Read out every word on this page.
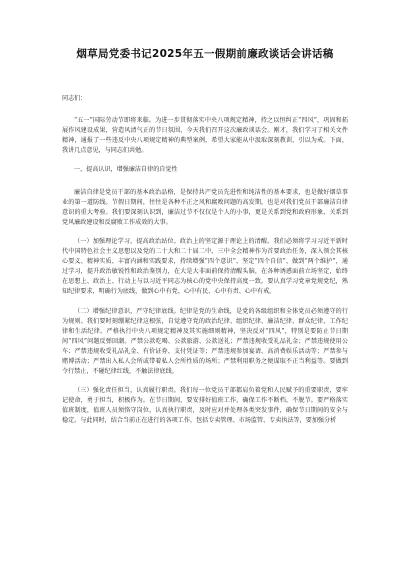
烟草局党委书记2025年五一假期前廉政谈话会讲话稿

同志们：

“五一”国际劳动节即将来临。为进一步贯彻落实中央八项规定精神，持之以恒纠正“四风”，巩固和拓展作风建设成果，营造风清气正的节日氛围，今天我们召开这次廉政谈话会。刚才，我们学习了相关文件精神，通报了一些违反中央八项规定精神的典型案例，希望大家能从中汲取深刻教训，引以为戒。下面，我讲几点意见，与同志们共勉。

一、提高认识，增强廉洁自律的自觉性

廉洁自律是党员干部的基本政治品格，是保持共产党员先进性和纯洁性的基本要求，也是做好烟草事业的第一道防线。节假日期间，往往是各种不正之风和腐败问题的高发期，也是对我们党员干部廉洁自律意识的重大考验。我们要深刻认识到，廉洁过节不仅仅是个人的小事，更是关系到党和政府形象、关系到党风廉政建设和反腐败工作成效的大事。

（一）加强理论学习，提高政治站位。政治上的坚定源于理论上的清醒。我们必须将学习习近平新时代中国特色社会主义思想以及党的二十大和二十届二中、三中全会精神作为首要政治任务，深入领会其核心要义、精神实质、丰富内涵和实践要求，持续增强“四个意识”、坚定“四个自信”、做到“两个维护”，通过学习，提升政治敏锐性和政治鉴别力，在大是大非面前保持清醒头脑，在各种诱惑面前立场坚定，始终在思想上、政治上、行动上与以习近平同志为核心的党中央保持高度一致。要认真学习党章党规党纪，熟知纪律要求，明确行为底线，做到心中有党、心中有民、心中有责、心中有戒。

（二）增强纪律意识，严守纪律底线。纪律是党的生命线，是党的各级组织和全体党员必须遵守的行为规则。我们要时刻绷紧纪律这根弦，自觉遵守党的政治纪律、组织纪律、廉洁纪律、群众纪律、工作纪律和生活纪律。严格执行中央八项规定精神及其实施细则精神，坚决反对“四风”，特别是要防止节日期间“四风”问题反弹回潮。严禁公款吃喝、公款旅游、公款送礼；严禁违规收受礼品礼金；严禁违规使用公车；严禁违规收受礼品礼金、有价证券、支付凭证等；严禁违规参加宴请、高消费娱乐活动等；严禁参与赌博活动；严禁出入私人会所或带着私人会所性质的场所；严禁利用职务之便谋取不正当利益等。要做到令行禁止，不碰纪律红线，不触法律底线。

（三）强化责任担当，认真履行职责。我们每一位党员干部都肩负着党和人民赋予的重要职责，要牢记使命，勇于担当，积极作为。在节日期间，要安排好值班工作，确保工作不断档、不脱节。要严格落实值班制度，值班人员须恪守岗位，认真执行职责，及时应对并处理各类突发事件，确保节日期间的安全与稳定。与此同时，结合当前正在进行的各项工作，包括专卖管理、市场监管、专卖执法等，要加强分析
